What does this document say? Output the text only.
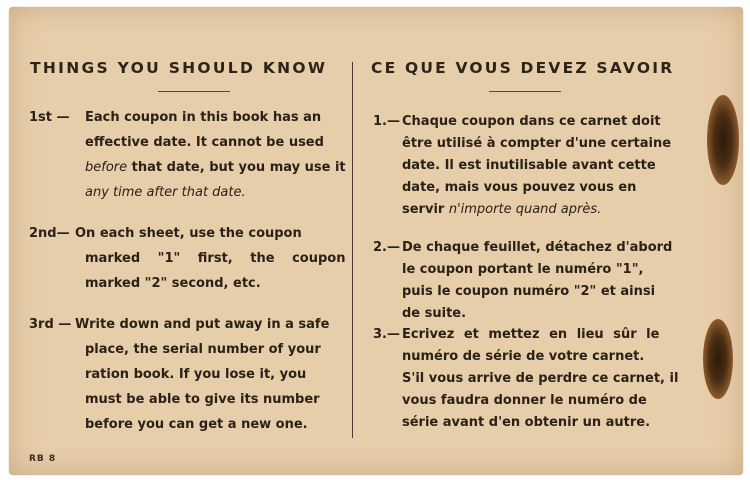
THINGS YOU SHOULD KNOW
1st — Each coupon in this book has an
effective date. It cannot be used
before that date, but you may use it
any time after that date.
2nd— On each sheet, use the coupon
marked "1" first, the coupon
marked "2" second, etc.
3rd — Write down and put away in a safe
place, the serial number of your
ration book. If you lose it, you
must be able to give its number
before you can get a new one.
CE QUE VOUS DEVEZ SAVOIR
1.— Chaque coupon dans ce carnet doit
être utilisé à compter d'une certaine
date. Il est inutilisable avant cette
date, mais vous pouvez vous en
servir n'importe quand après.
2.— De chaque feuillet, détachez d'abord
le coupon portant le numéro "1",
puis le coupon numéro "2" et ainsi
de suite.
3.— Ecrivez et mettez en lieu sûr le
numéro de série de votre carnet.
S'il vous arrive de perdre ce carnet, il
vous faudra donner le numéro de
série avant d'en obtenir un autre.
RB 8
